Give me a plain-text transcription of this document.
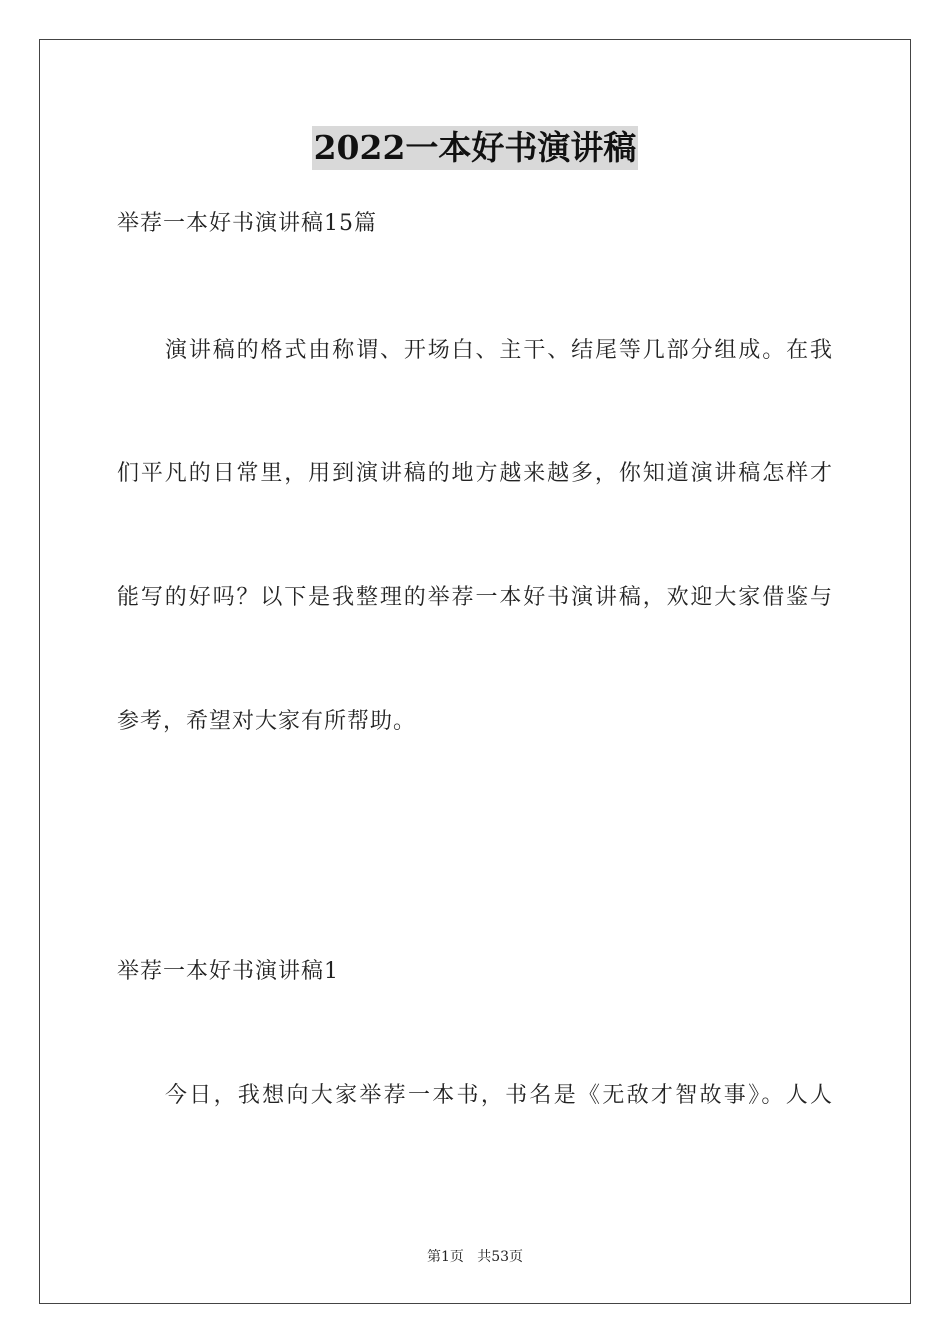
2022一本好书演讲稿
举荐一本好书演讲稿15篇
演讲稿的格式由称谓、开场白、主干、结尾等几部分组成。在我
们平凡的日常里，用到演讲稿的地方越来越多，你知道演讲稿怎样才
能写的好吗？以下是我整理的举荐一本好书演讲稿，欢迎大家借鉴与
参考，希望对大家有所帮助。
举荐一本好书演讲稿1
今日，我想向大家举荐一本书，书名是《无敌才智故事》。人人
第1页   共53页
